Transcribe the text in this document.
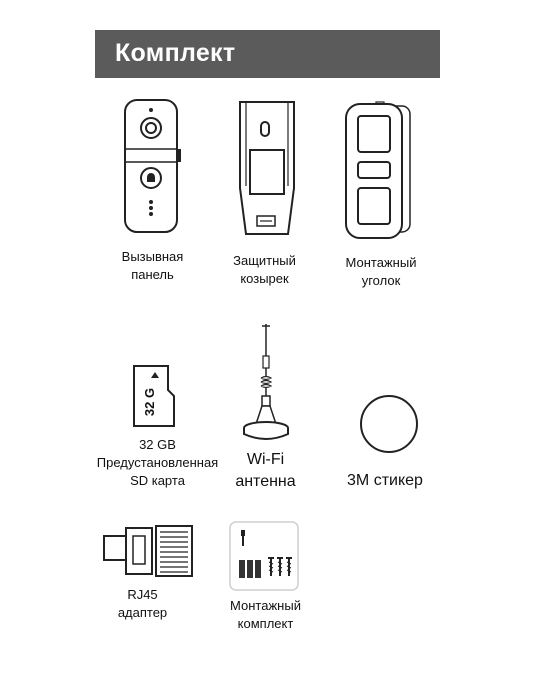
Комплект
Вызывная
панель
Защитный
козырек
Монтажный
уголок
32 G
32 GB
Предустановленная
SD карта
Wi-Fi
антенна	3M стикер
RJ45
адаптер	Монтажный
комплект
